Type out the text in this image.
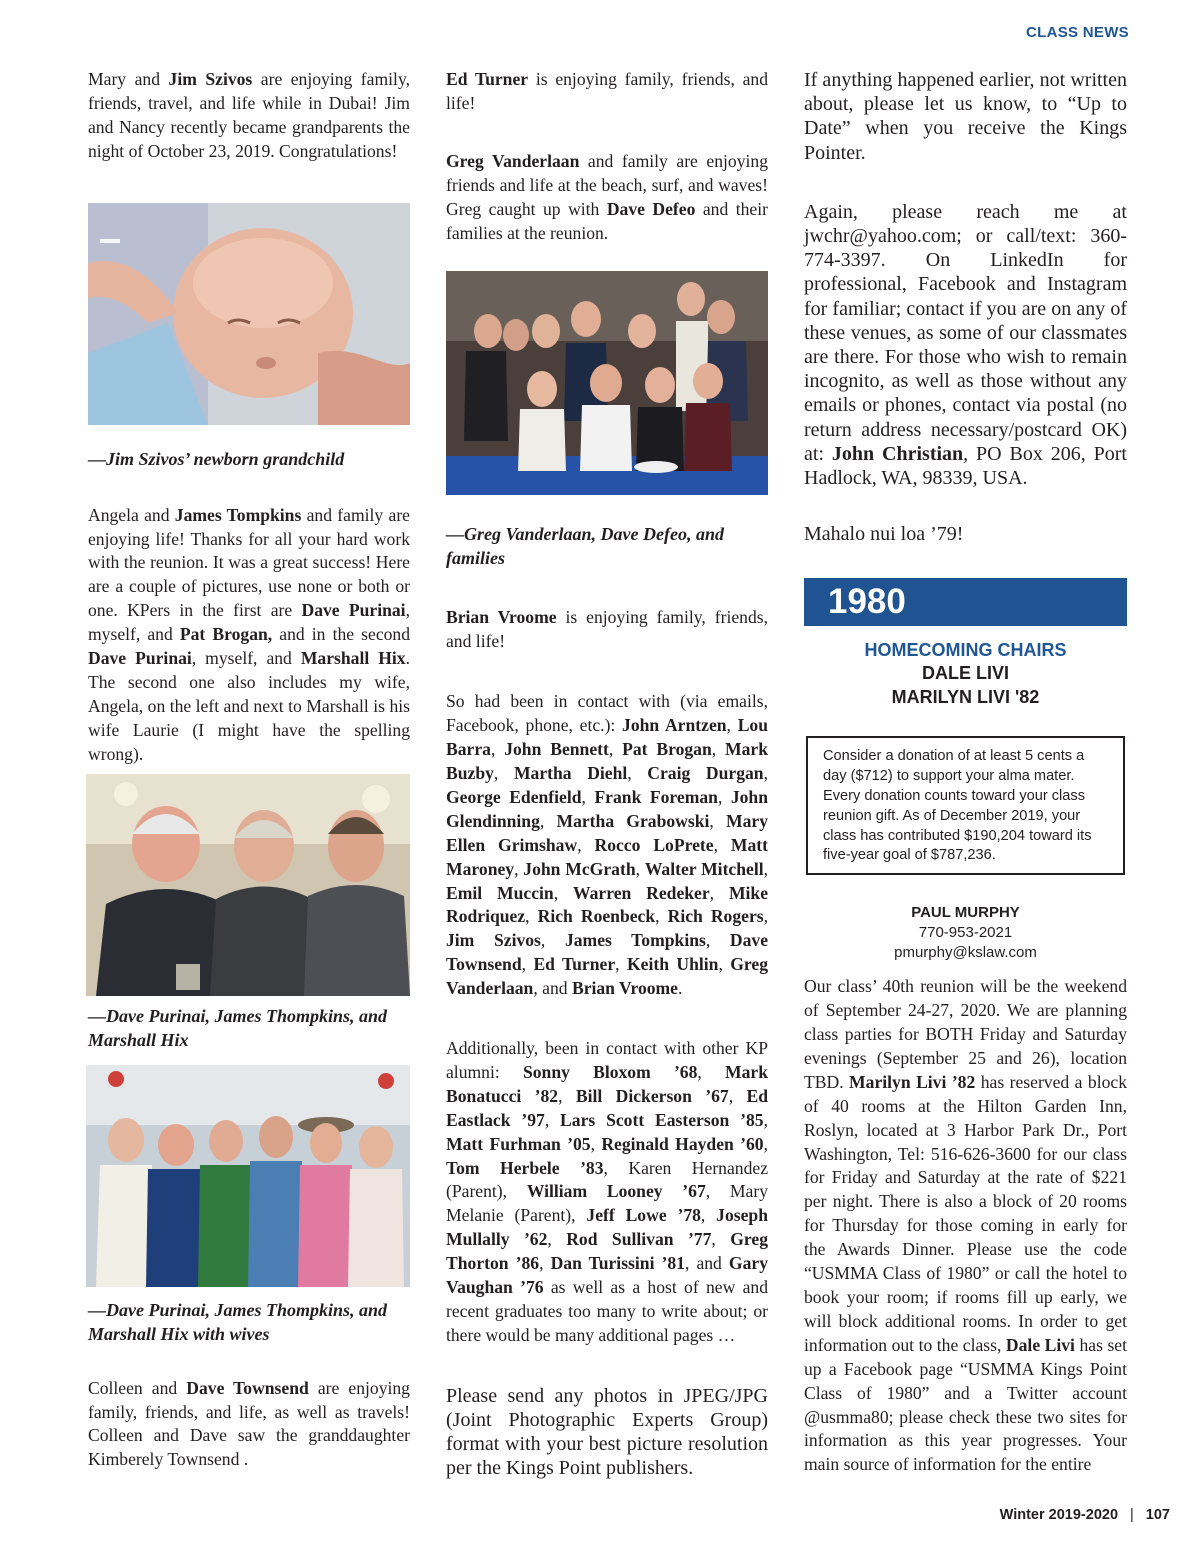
CLASS NEWS

Mary and Jim Szivos are enjoying family, friends, travel, and life while in Dubai! Jim and Nancy recently became grandparents the night of October 23, 2019. Congratulations!

—Jim Szivos’ newborn grandchild

Angela and James Tompkins and family are enjoying life! Thanks for all your hard work with the reunion. It was a great success! Here are a couple of pictures, use none or both or one. KPers in the first are Dave Purinai, myself, and Pat Brogan, and in the second Dave Purinai, myself, and Marshall Hix. The second one also includes my wife, Angela, on the left and next to Marshall is his wife Laurie (I might have the spelling wrong).

—Dave Purinai, James Thompkins, and Marshall Hix

—Dave Purinai, James Thompkins, and Marshall Hix with wives

Colleen and Dave Townsend are enjoying family, friends, and life, as well as travels! Colleen and Dave saw the granddaughter Kimberely Townsend .

Ed Turner is enjoying family, friends, and life!

Greg Vanderlaan and family are enjoying friends and life at the beach, surf, and waves! Greg caught up with Dave Defeo and their families at the reunion.

—Greg Vanderlaan, Dave Defeo, and families

Brian Vroome is enjoying family, friends, and life!

So had been in contact with (via emails, Facebook, phone, etc.): John Arntzen, Lou Barra, John Bennett, Pat Brogan, Mark Buzby, Martha Diehl, Craig Durgan, George Edenfield, Frank Foreman, John Glendinning, Martha Grabowski, Mary Ellen Grimshaw, Rocco LoPrete, Matt Maroney, John McGrath, Walter Mitchell, Emil Muccin, Warren Redeker, Mike Rodriquez, Rich Roenbeck, Rich Rogers, Jim Szivos, James Tompkins, Dave Townsend, Ed Turner, Keith Uhlin, Greg Vanderlaan, and Brian Vroome.

Additionally, been in contact with other KP alumni: Sonny Bloxom ’68, Mark Bonatucci ’82, Bill Dickerson ’67, Ed Eastlack ’97, Lars Scott Easterson ’85, Matt Furhman ’05, Reginald Hayden ’60, Tom Herbele ’83, Karen Hernandez (Parent), William Looney ’67, Mary Melanie (Parent), Jeff Lowe ’78, Joseph Mullally ’62, Rod Sullivan ’77, Greg Thorton ’86, Dan Turissini ’81, and Gary Vaughan ’76 as well as a host of new and recent graduates too many to write about; or there would be many additional pages …

Please send any photos in JPEG/JPG (Joint Photographic Experts Group) format with your best picture resolution per the Kings Point publishers.

If anything happened earlier, not written about, please let us know, to “Up to Date” when you receive the Kings Pointer.

Again, please reach me at jwchr@yahoo.com; or call/text: 360-774-3397. On LinkedIn for professional, Facebook and Instagram for familiar; contact if you are on any of these venues, as some of our classmates are there. For those who wish to remain incognito, as well as those without any emails or phones, contact via postal (no return address necessary/postcard OK) at: John Christian, PO Box 206, Port Hadlock, WA, 98339, USA.

Mahalo nui loa ’79!

1980
HOMECOMING CHAIRS
DALE LIVI
MARILYN LIVI '82
Consider a donation of at least 5 cents a day ($712) to support your alma mater. Every donation counts toward your class reunion gift. As of December 2019, your class has contributed $190,204 toward its five-year goal of $787,236.
PAUL MURPHY
770-953-2021
pmurphy@kslaw.com

Our class’ 40th reunion will be the weekend of September 24-27, 2020. We are planning class parties for BOTH Friday and Saturday evenings (September 25 and 26), location TBD. Marilyn Livi ’82 has reserved a block of 40 rooms at the Hilton Garden Inn, Roslyn, located at 3 Harbor Park Dr., Port Washington, Tel: 516-626-3600 for our class for Friday and Saturday at the rate of $221 per night. There is also a block of 20 rooms for Thursday for those coming in early for the Awards Dinner. Please use the code “USMMA Class of 1980” or call the hotel to book your room; if rooms fill up early, we will block additional rooms. In order to get information out to the class, Dale Livi has set up a Facebook page “USMMA Kings Point Class of 1980” and a Twitter account @usmma80; please check these two sites for information as this year progresses. Your main source of information for the entire

Winter 2019-2020 | 107
